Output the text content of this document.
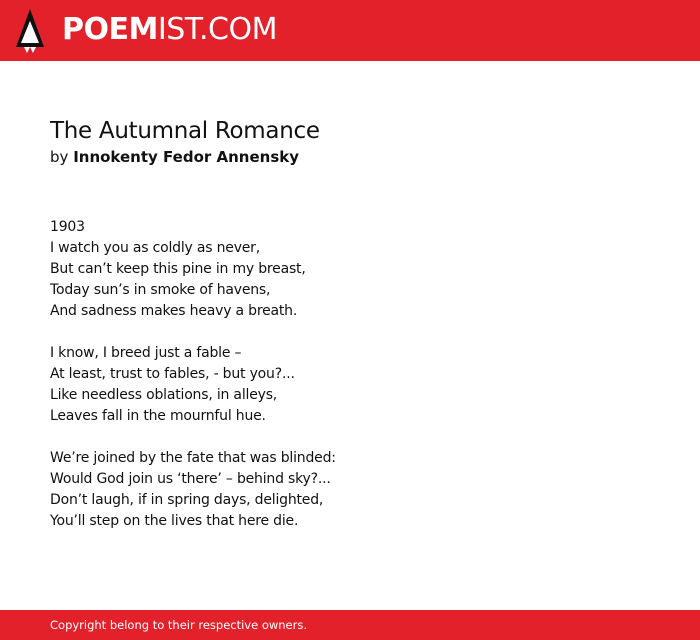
POEMIST.COM
The Autumnal Romance

by Innokenty Fedor Annensky

1903
I watch you as coldly as never,
But can’t keep this pine in my breast,
Today sun’s in smoke of havens,
And sadness makes heavy a breath.
I know, I breed just a fable –
At least, trust to fables, - but you?...
Like needless oblations, in alleys,
Leaves fall in the mournful hue.
We’re joined by the fate that was blinded:
Would God join us ‘there’ – behind sky?...
Don’t laugh, if in spring days, delighted,
You’ll step on the lives that here die.
Copyright belong to their respective owners.
